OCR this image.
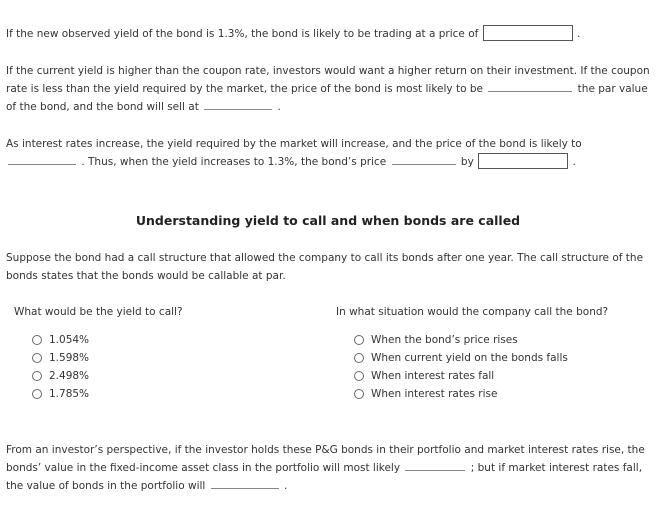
If the new observed yield of the bond is 1.3%, the bond is likely to be trading at a price of	.

If the current yield is higher than the coupon rate, investors would want a higher return on their investment. If the coupon rate is less than the yield required by the market, the price of the bond is most likely to be	the par value of the bond, and the bond will sell at	.

As interest rates increase, the yield required by the market will increase, and the price of the bond is likely to  . Thus, when the yield increases to 1.3%, the bond’s price	by	.

Understanding yield to call and when bonds are called

Suppose the bond had a call structure that allowed the company to call its bonds after one year. The call structure of the bonds states that the bonds would be callable at par.

What would be the yield to call?
1.054%
1.598%
2.498%
1.785%
In what situation would the company call the bond?
When the bond’s price rises
When current yield on the bonds falls
When interest rates fall
When interest rates rise

From an investor’s perspective, if the investor holds these P&G bonds in their portfolio and market interest rates rise, the bonds’ value in the fixed-income asset class in the portfolio will most likely	; but if market interest rates fall, the value of bonds in the portfolio will	.
